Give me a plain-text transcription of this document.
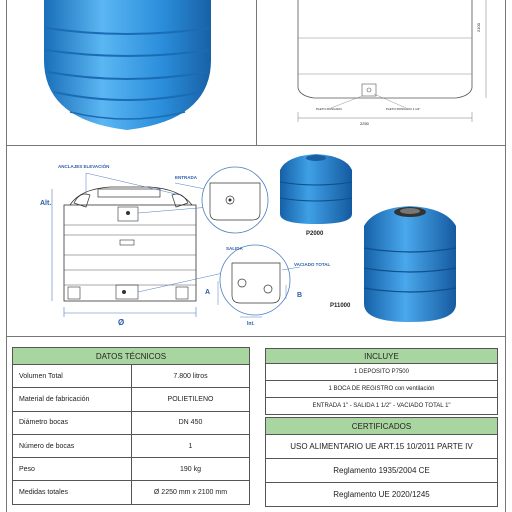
2100
2250
PLETO ROSCADO	PLETO ROSCADO 1 1/2"
ANCLAJES ELEVACIÓN
ENTRADA
Alt.
SALIDA
VACIADO TOTAL
A	B
Ø	Int.
P2000
P11000
DATOS TÉCNICOS	
Volumen Total	7.800 litros
Material de fabricación	POLIETILENO
Diámetro bocas	DN 450
Número de bocas	1
Peso	190 kg
Medidas totales	Ø 2250 mm x 2100 mm
INCLUYE
1 DEPOSITO P7500
1 BOCA DE REGISTRO con ventilación
ENTRADA 1" - SALIDA 1 1/2" - VACIADO TOTAL 1"
CERTIFICADOS
USO ALIMENTARIO UE ART.15 10/2011 PARTE IV
Reglamento 1935/2004 CE
Reglamento UE 2020/1245
